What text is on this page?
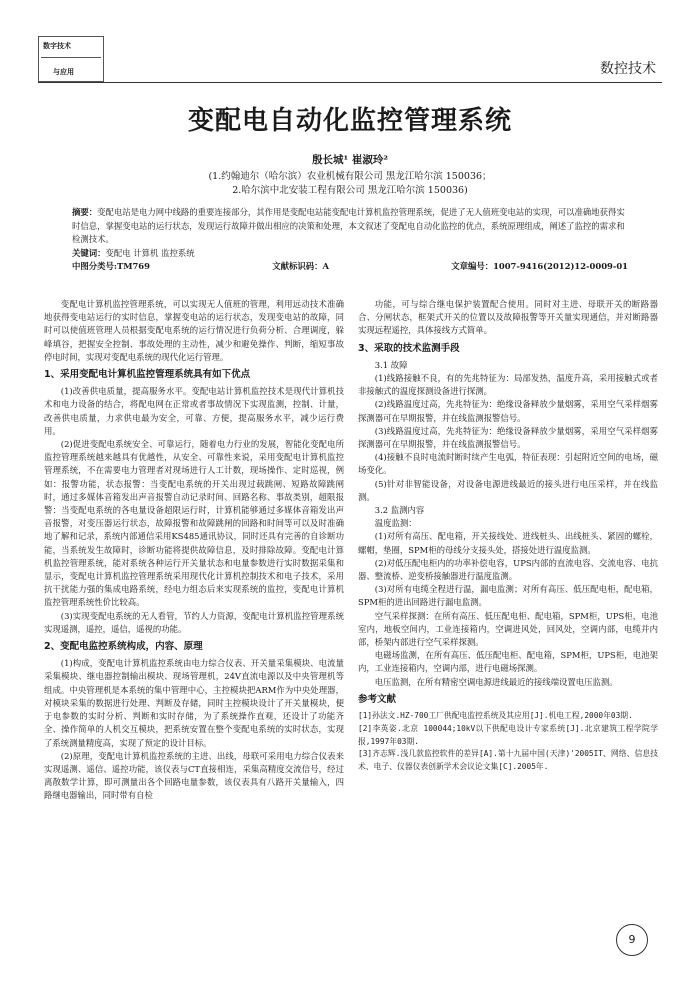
数字技术
与应用	数控技术
变配电自动化监控管理系统
殷长城¹ 崔淑玲²
(1.约翰迪尔（哈尔滨）农业机械有限公司 黑龙江哈尔滨 150036；
2.哈尔滨中北安装工程有限公司 黑龙江哈尔滨 150036)
摘要：变配电站是电力网中线路的重要连接部分，其作用是变配电站能变配电计算机监控管理系统，促进了无人值班变电站的实现，可以准确地获得实时信息，掌握变电站的运行状态，发现运行故障并做出相应的决策和处理，本文叙述了变配电自动化监控的优点，系统原理组成，阐述了监控的需求和检测技术。
关键词：变配电 计算机 监控系统
中图分类号:TM769	文献标识码：A	文章编号：1007-9416(2012)12-0009-01

变配电计算机监控管理系统，可以实现无人值班的管理，利用远动技术准确地获得变电站运行的实时信息，掌握变电站的运行状态，发现变电站的故障，同时可以使值班管理人员根据变配电系统的运行情况进行负荷分析、合理调度，躲峰填谷，把握安全控制、事故处理的主动性，减少和避免操作、判断，缩短事故停电时间，实现对变配电系统的现代化运行管理。

1、采用变配电计算机监控管理系统具有如下优点

(1)改善供电质量，提高服务水平。变配电站计算机监控技术是现代计算机技术和电力设备的结合，将配电网在正常或者事故情况下实现监测，控制、计量，改善供电质量，力求供电最为安全，可靠、方便，提高服务水平，减少运行费用。

(2)促进变配电系统安全、可靠运行，随着电力行业的发展，智能化变配电所监控管理系统越来越具有优越性，从安全、可靠性来说，采用变配电计算机监控管理系统，不在需要电力管理者对现场进行人工计数，现场操作、定时巡视，例如：报警功能，状态报警：当变配电系统的开关出现过载跳闸、短路故障跳闸时，通过多媒体音箱发出声音报警自动记录时间、回路名称、事故类别，超限报警：当变配电系统的各电量设备超限运行时，计算机能够通过多媒体音箱发出声音报警，对变压器运行状态，故障报警和故障跳闸的回路和时间等可以及时准确地了解和记录，系统内部通信采用KS485通讯协议，同时还具有完善的自诊断功能，当系统发生故障时，诊断功能将提供故障信息，及时排除故障。变配电计算机监控管理系统，能对系统各种运行开关量状态和电量参数进行实时数据采集和显示，变配电计算机监控管理系统采用现代化计算机控制技术和电子技术，采用抗干扰能力强的集成电路系统，经电力组态后来实现系统的监控，变配电计算机监控管理系统性价比较高。

(3)实现变配电系统的无人看管，节约人力资源，变配电计算机监控管理系统实现遥测，遥控，遥信，遥视的功能。

2、变配电监控系统构成，内容、原理

(1)构成，变配电计算机监控系统由电力综合仪表、开关量采集模块、电流量采集模块、继电器控制输出模块、现场管理机，24V直流电源以及中央管理机等组成。中央管理机是本系统的集中管理中心，主控模块把ARM作为中央处理器，对模块采集的数据进行处理、判断及存储，同时主控模块设计了开关量模块，便于电参数的实时分析、判断和实时存储，为了系统操作直观，还设计了功能齐全、操作简单的人机交互模块，把系统安置在整个变配电系统的实时状态，实现了系统测量精度高，实现了预定的设计目标。

(2)原理，变配电计算机监控系统的主进、出线，母联可采用电力综合仪表来实现遥测、遥信、遥控功能，该仪表与CT直接相连，采集高精度交流信号，经过离散数学计算，即可测量出各个回路电量参数，该仪表具有八路开关量输入，四路继电器输出，同时带有自检

功能，可与综合继电保护装置配合使用。同时对主进、母联开关的断路器合、分闸状态，框架式开关的位置以及故障报警等开关量实现通信，并对断路器实现远程遥控，具体接线方式简单。

3、采取的技术监测手段

3.1 故障

(1)线路接触不良，有的先兆特征为：局部发热，温度升高，采用接触式或者非接触式的温度探测设备进行探测。

(2)线路温度过高，先兆特征为：绝缘设备释放少量烟雾，采用空气采样烟雾探测器可在早期报警，并在线监测报警信号。

(3)线路温度过高，先兆特征为：绝缘设备释放少量烟雾，采用空气采样烟雾探测器可在早期报警，并在线监测报警信号。

(4)接触不良时电流时断时续产生电弧，特征表现：引起附近空间的电场，磁场变化。

(5)针对非智能设备，对设备电源进线最近的接头进行电压采样，并在线监测。

3.2 监测内容

温度监测：

(1)对所有高压、配电箱，开关接线处、进线桩头、出线桩头、紧固的螺栓，螺帽，垫圈，SPM柜的母线分支接头处，搭接处进行温度监测。

(2)对低压配电柜内的功率补偿电容，UPS内部的直流电容、交流电容、电抗器、整流桥、逆变桥接触器进行温度监测。

(3)对所有电缆全程进行温，漏电监测；对所有高压、低压配电柜，配电箱，SPM柜的进出回路进行漏电监测。

空气采样探测：在所有高压、低压配电柜、配电箱，SPM柜，UPS柜，电池室内，地板空间内，工业连接箱内，空调进风处，回风处，空调内部，电缆并内部，桥架内部进行空气采样探测。

电磁场监测，在所有高压、低压配电柜、配电箱，SPM柜，UPS柜，电池架内，工业连接箱内，空调内部，进行电磁场探测。

电压监测，在所有精密空调电源进线最近的接线端设置电压监测。

参考文献

[1]孙法文.HZ-700工厂供配电监控系统及其应用[J].机电工程,2000年03期.

[2]李英姿.北京 100044;10kV以下供配电设计专家系统[J].北京建筑工程学院学报,1997年03期.

[3]齐志辉.浅几款监控软件的差异[A].第十九届中国(天津)'2005IT、网络、信息技术、电子、仪器仪表创新学术会议论文集[C].2005年.

9
